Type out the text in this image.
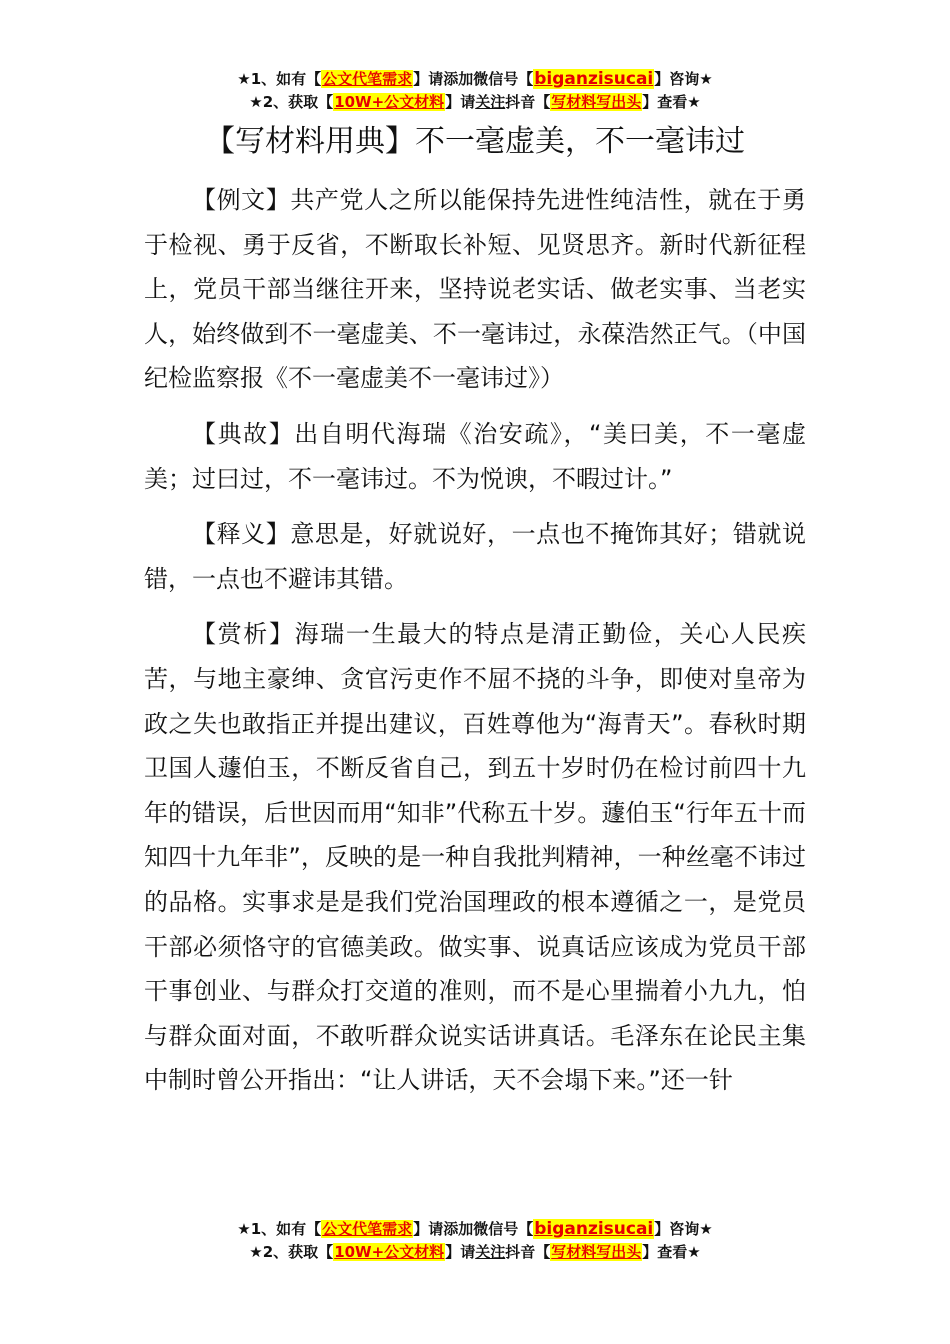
★1、如有【公文代笔需求】请添加微信号【biganzisucai】咨询★
★2、获取【10W+公文材料】请关注抖音【写材料写出头】查看★
【写材料用典】不一毫虚美，不一毫讳过

【例文】共产党人之所以能保持先进性纯洁性，就在于勇于检视、勇于反省，不断取长补短、见贤思齐。新时代新征程上，党员干部当继往开来，坚持说老实话、做老实事、当老实人，始终做到不一毫虚美、不一毫讳过，永葆浩然正气。（中国纪检监察报《不一毫虚美不一毫讳过》）

【典故】出自明代海瑞《治安疏》，“美曰美，不一毫虚美；过曰过，不一毫讳过。不为悦谀，不暇过计。”

【释义】意思是，好就说好，一点也不掩饰其好；错就说错，一点也不避讳其错。

【赏析】海瑞一生最大的特点是清正勤俭，关心人民疾苦，与地主豪绅、贪官污吏作不屈不挠的斗争，即使对皇帝为政之失也敢指正并提出建议，百姓尊他为“海青天”。春秋时期卫国人蘧伯玉，不断反省自己，到五十岁时仍在检讨前四十九年的错误，后世因而用“知非”代称五十岁。蘧伯玉“行年五十而知四十九年非”，反映的是一种自我批判精神，一种丝毫不讳过的品格。实事求是是我们党治国理政的根本遵循之一，是党员干部必须恪守的官德美政。做实事、说真话应该成为党员干部干事创业、与群众打交道的准则，而不是心里揣着小九九，怕与群众面对面，不敢听群众说实话讲真话。毛泽东在论民主集中制时曾公开指出：“让人讲话，天不会塌下来。”还一针

★1、如有【公文代笔需求】请添加微信号【biganzisucai】咨询★
★2、获取【10W+公文材料】请关注抖音【写材料写出头】查看★
